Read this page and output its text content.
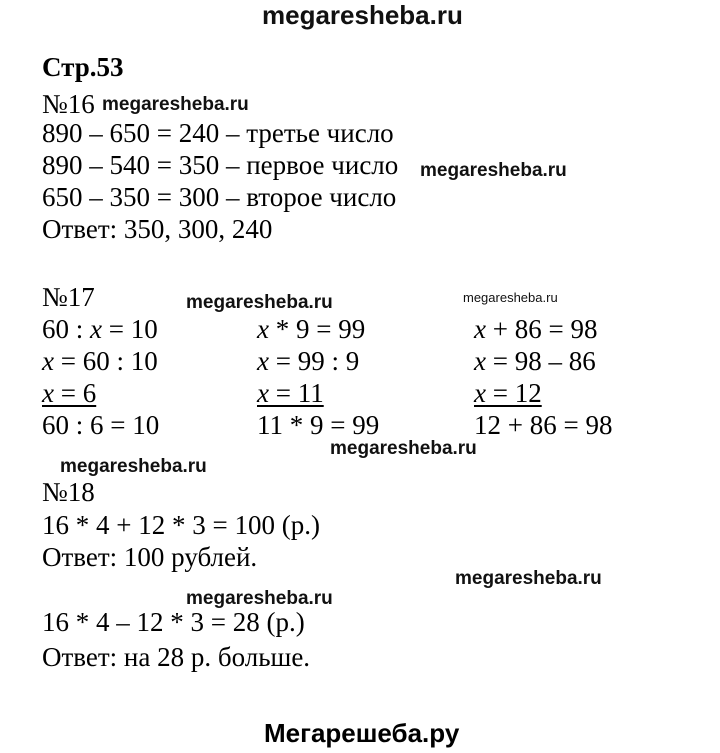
megaresheba.ru
Стр.53
№16 megaresheba.ru
890 – 650 = 240 – третье число
890 – 540 = 350 – первое число megaresheba.ru
650 – 350 = 300 – второе число
Ответ: 350, 300, 240
№17	megaresheba.ru	megaresheba.ru
60 : x = 10
x = 60 : 10
x = 6
60 : 6 = 10
x * 9 = 99
x = 99 : 9
x = 11
11 * 9 = 99
x + 86 = 98
x = 98 – 86
x = 12
12 + 86 = 98
megaresheba.ru
megaresheba.ru
№18
16 * 4 + 12 * 3 = 100 (р.)
Ответ: 100 рублей.
megaresheba.ru
megaresheba.ru
16 * 4 – 12 * 3 = 28 (р.)
Ответ: на 28 р. больше.
Мегарешеба.ру
